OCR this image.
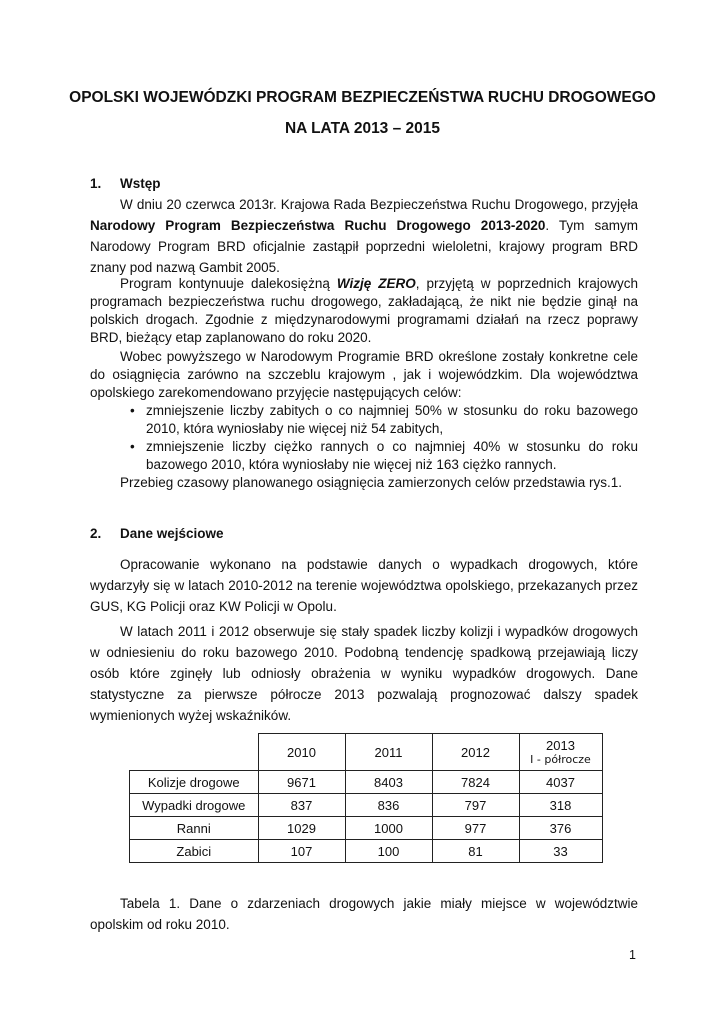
OPOLSKI WOJEWÓDZKI PROGRAM BEZPIECZEŃSTWA RUCHU DROGOWEGO
NA LATA 2013 – 2015
1. Wstęp

W dniu 20 czerwca 2013r. Krajowa Rada Bezpieczeństwa Ruchu Drogowego, przyjęła Narodowy Program Bezpieczeństwa Ruchu Drogowego 2013-2020. Tym samym Narodowy Program BRD oficjalnie zastąpił poprzedni wieloletni, krajowy program BRD znany pod nazwą Gambit 2005.

Program kontynuuje dalekosiężną Wizję ZERO, przyjętą w poprzednich krajowych programach bezpieczeństwa ruchu drogowego, zakładającą, że nikt nie będzie ginął na polskich drogach. Zgodnie z międzynarodowymi programami działań na rzecz poprawy BRD, bieżący etap zaplanowano do roku 2020.

Wobec powyższego w Narodowym Programie BRD określone zostały konkretne cele do osiągnięcia zarówno na szczeblu krajowym , jak i wojewódzkim. Dla województwa opolskiego zarekomendowano przyjęcie następujących celów:

• zmniejszenie liczby zabitych o co najmniej 50% w stosunku do roku bazowego 2010, która wyniosłaby nie więcej niż 54 zabitych,
• zmniejszenie liczby ciężko rannych o co najmniej 40% w stosunku do roku bazowego 2010, która wyniosłaby nie więcej niż 163 ciężko rannych.

Przebieg czasowy planowanego osiągnięcia zamierzonych celów przedstawia rys.1.

2. Dane wejściowe

Opracowanie wykonano na podstawie danych o wypadkach drogowych, które wydarzyły się w latach 2010-2012 na terenie województwa opolskiego, przekazanych przez GUS, KG Policji oraz KW Policji w Opolu.

W latach 2011 i 2012 obserwuje się stały spadek liczby kolizji i wypadków drogowych w odniesieniu do roku bazowego 2010. Podobną tendencję spadkową przejawiają liczy osób które zginęły lub odniosły obrażenia w wyniku wypadków drogowych. Dane statystyczne za pierwsze półrocze 2013 pozwalają prognozować dalszy spadek wymienionych wyżej wskaźników.

	2010	2011	2012	2013
I - półrocze

Kolizje drogowe	9671	8403	7824	4037
Wypadki drogowe	837	836	797	318
Ranni	1029	1000	977	376
Zabici	107	100	81	33

Tabela 1. Dane o zdarzeniach drogowych jakie miały miejsce w województwie opolskim od roku 2010.

1
